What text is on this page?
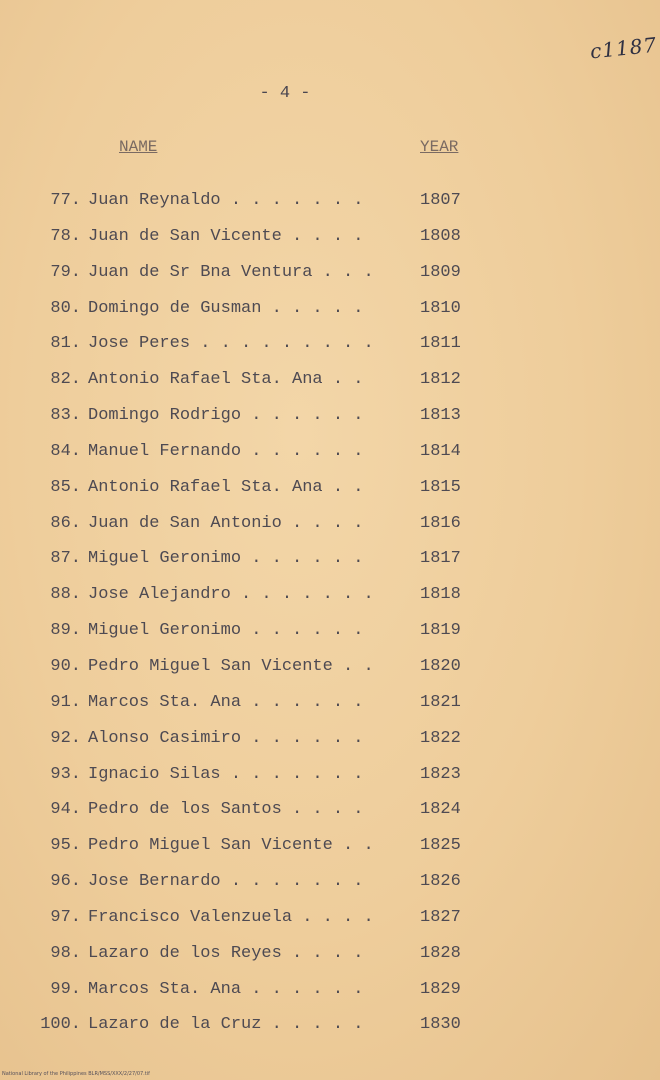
c1187
- 4 -
NAME	YEAR
77. Juan Reynaldo . . . . . . .	1807
78. Juan de San Vicente . . . .	1808
79. Juan de Sr Bna Ventura . . .	1809
80. Domingo de Gusman . . . . .	1810
81. Jose Peres . . . . . . . . .	1811
82. Antonio Rafael Sta. Ana . .	1812
83. Domingo Rodrigo . . . . . .	1813
84. Manuel Fernando . . . . . .	1814
85. Antonio Rafael Sta. Ana . .	1815
86. Juan de San Antonio . . . .	1816
87. Miguel Geronimo . . . . . .	1817
88. Jose Alejandro . . . . . . .	1818
89. Miguel Geronimo . . . . . .	1819
90. Pedro Miguel San Vicente . .	1820
91. Marcos Sta. Ana . . . . . .	1821
92. Alonso Casimiro . . . . . .	1822
93. Ignacio Silas . . . . . . .	1823
94. Pedro de los Santos . . . .	1824
95. Pedro Miguel San Vicente . .	1825
96. Jose Bernardo . . . . . . .	1826
97. Francisco Valenzuela . . . .	1827
98. Lazaro de los Reyes . . . .	1828
99. Marcos Sta. Ana . . . . . .	1829
100. Lazaro de la Cruz . . . . .	1830
National Library of the Philippines BLR/MSS/XXX/2/27/07.tif
